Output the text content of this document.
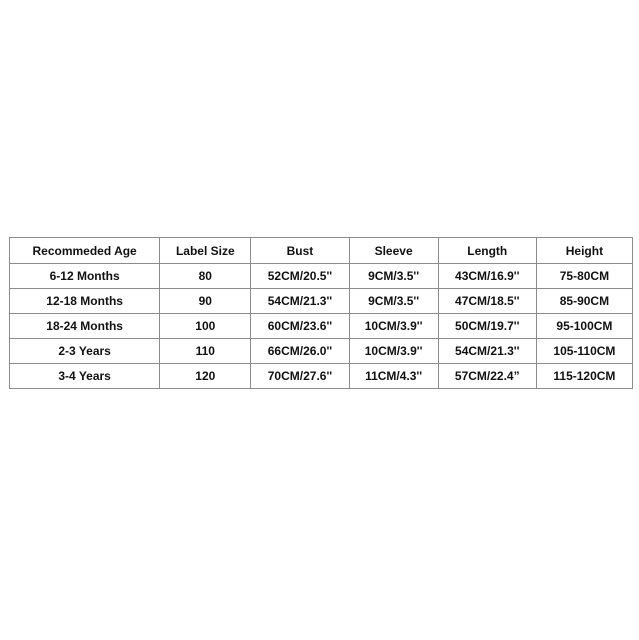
Recommeded Age	Label Size	Bust	Sleeve	Length	Height
6-12 Months	80	52CM/20.5''	9CM/3.5''	43CM/16.9''	75-80CM
12-18 Months	90	54CM/21.3''	9CM/3.5''	47CM/18.5''	85-90CM
18-24 Months	100	60CM/23.6''	10CM/3.9''	50CM/19.7''	95-100CM
2-3 Years	110	66CM/26.0''	10CM/3.9''	54CM/21.3''	105-110CM
3-4 Years	120	70CM/27.6''	11CM/4.3''	57CM/22.4”	115-120CM
